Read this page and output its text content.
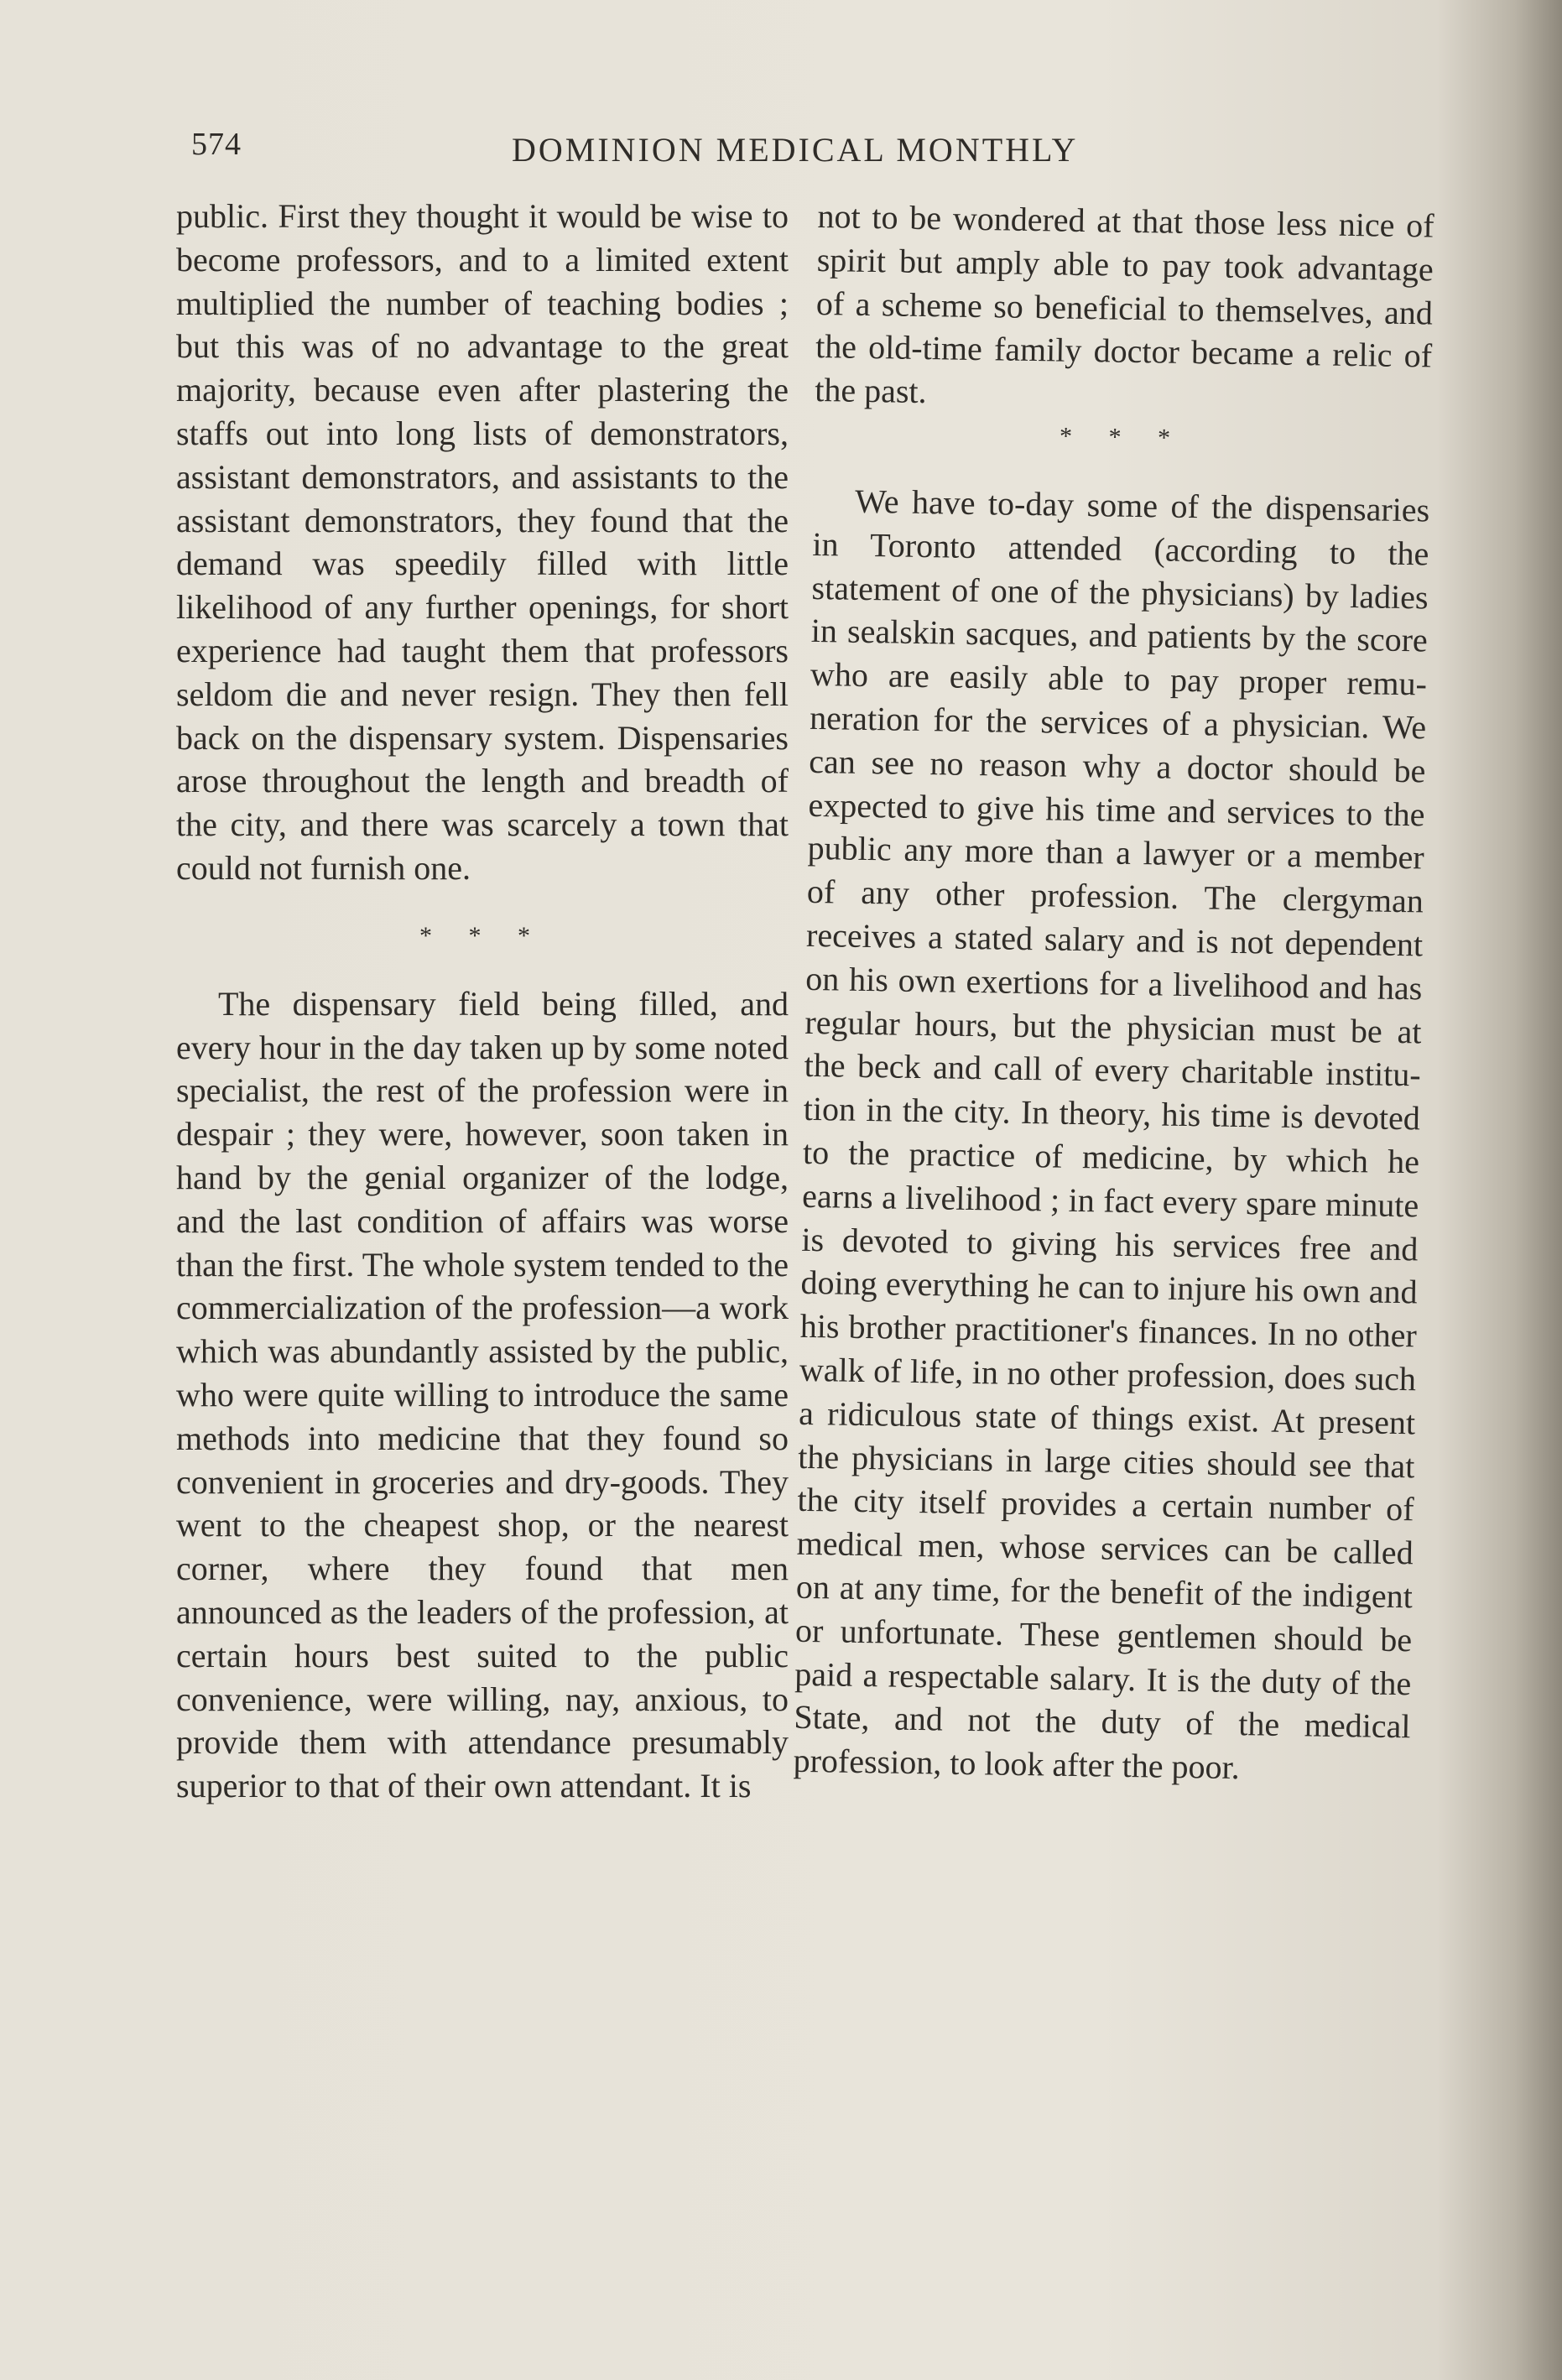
574	DOMINION MEDICAL MONTHLY

public. First they thought it would be wise to become professors, and to a limited extent multiplied the number of teaching bodies ; but this was of no advantage to the great majority, because even after plastering the staffs out into long lists of demonstrators, assistant demonstrators, and assistants to the assistant demonstrators, they found that the demand was speedily filled with little likelihood of any further openings, for short experience had taught them that professors seldom die and never resign. They then fell back on the dispensary system. Dispensaries arose throughout the length and breadth of the city, and there was scarcely a town that could not furnish one.

* * *

The dispensary field being filled, and every hour in the day taken up by some noted specialist, the rest of the profession were in despair ; they were, however, soon taken in hand by the genial organizer of the lodge, and the last condition of affairs was worse than the first. The whole system tended to the commercialization of the profession—a work which was abundantly assisted by the public, who were quite willing to introduce the same methods into medicine that they found so convenient in groceries and dry-goods. They went to the cheapest shop, or the nearest corner, where they found that men announced as the leaders of the profession, at certain hours best suited to the public convenience, were willing, nay, anxious, to provide them with attendance presumably superior to that of their own attendant. It is

not to be wondered at that those less nice of spirit but amply able to pay took advantage of a scheme so beneficial to themselves, and the old-time family doctor became a relic of the past.

* * *

We have to-day some of the dispensaries in Toronto attended (according to the statement of one of the physicians) by ladies in sealskin sacques, and patients by the score who are easily able to pay proper remuneration for the services of a physician. We can see no reason why a doctor should be expected to give his time and services to the public any more than a lawyer or a member of any other profession. The clergyman receives a stated salary and is not dependent on his own exertions for a livelihood and has regular hours, but the physician must be at the beck and call of every charitable institution in the city. In theory, his time is devoted to the practice of medicine, by which he earns a livelihood ; in fact every spare minute is devoted to giving his services free and doing everything he can to injure his own and his brother practitioner's finances. In no other walk of life, in no other profession, does such a ridiculous state of things exist. At present the physicians in large cities should see that the city itself provides a certain number of medical men, whose services can be called on at any time, for the benefit of the indigent or unfortunate. These gentlemen should be paid a respectable salary. It is the duty of the State, and not the duty of the medical profession, to look after the poor.
